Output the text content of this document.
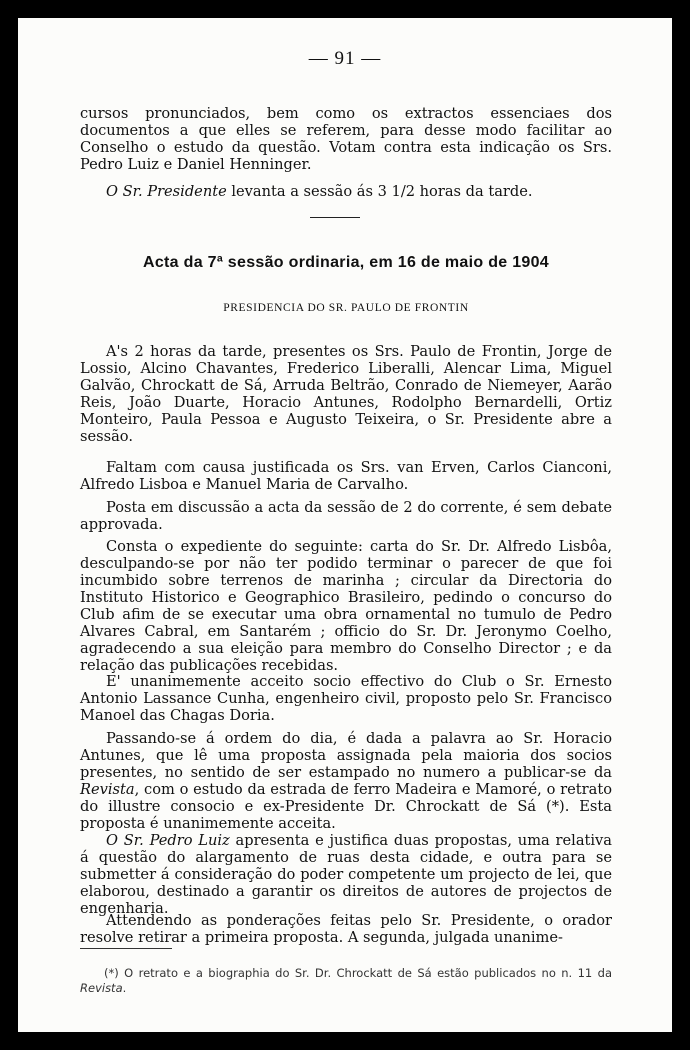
— 91 —

cursos pronunciados, bem como os extractos essenciaes dos documentos a que elles se referem, para desse modo facilitar ao Conselho o estudo da questão. Votam contra esta indicação os Srs. Pedro Luiz e Daniel Henninger.

O Sr. Presidente levanta a sessão ás 3 1/2 horas da tarde.

Acta da 7ª sessão ordinaria, em 16 de maio de 1904
PRESIDENCIA DO SR. PAULO DE FRONTIN

A's 2 horas da tarde, presentes os Srs. Paulo de Frontin, Jorge de Lossio, Alcino Chavantes, Frederico Liberalli, Alencar Lima, Miguel Galvão, Chrockatt de Sá, Arruda Beltrão, Conrado de Niemeyer, Aarão Reis, João Duarte, Horacio Antunes, Rodolpho Bernardelli, Ortiz Monteiro, Paula Pessoa e Augusto Teixeira, o Sr. Presidente abre a sessão.

Faltam com causa justificada os Srs. van Erven, Carlos Cianconi, Alfredo Lisboa e Manuel Maria de Carvalho.

Posta em discussão a acta da sessão de 2 do corrente, é sem debate approvada.

Consta o expediente do seguinte: carta do Sr. Dr. Alfredo Lisbôa, desculpando-se por não ter podido terminar o parecer de que foi incumbido sobre terrenos de marinha ; circular da Directoria do Instituto Historico e Geographico Brasileiro, pedindo o concurso do Club afim de se executar uma obra ornamental no tumulo de Pedro Alvares Cabral, em Santarém ; officio do Sr. Dr. Jeronymo Coelho, agradecendo a sua eleição para membro do Conselho Director ; e da relação das publicações recebidas.

E' unanimemente acceito socio effectivo do Club o Sr. Ernesto Antonio Lassance Cunha, engenheiro civil, proposto pelo Sr. Francisco Manoel das Chagas Doria.

Passando-se á ordem do dia, é dada a palavra ao Sr. Horacio Antunes, que lê uma proposta assignada pela maioria dos socios presentes, no sentido de ser estampado no numero a publicar-se da Revista, com o estudo da estrada de ferro Madeira e Mamoré, o retrato do illustre consocio e ex-Presidente Dr. Chrockatt de Sá (*). Esta proposta é unanimemente acceita.

O Sr. Pedro Luiz apresenta e justifica duas propostas, uma relativa á questão do alargamento de ruas desta cidade, e outra para se submetter á consideração do poder competente um projecto de lei, que elaborou, destinado a garantir os direitos de autores de projectos de engenharia.

Attendendo as ponderações feitas pelo Sr. Presidente, o orador resolve retirar a primeira proposta. A segunda, julgada unanime-

(*) O retrato e a biographia do Sr. Dr. Chrockatt de Sá estão publicados no n. 11 da Revista.
